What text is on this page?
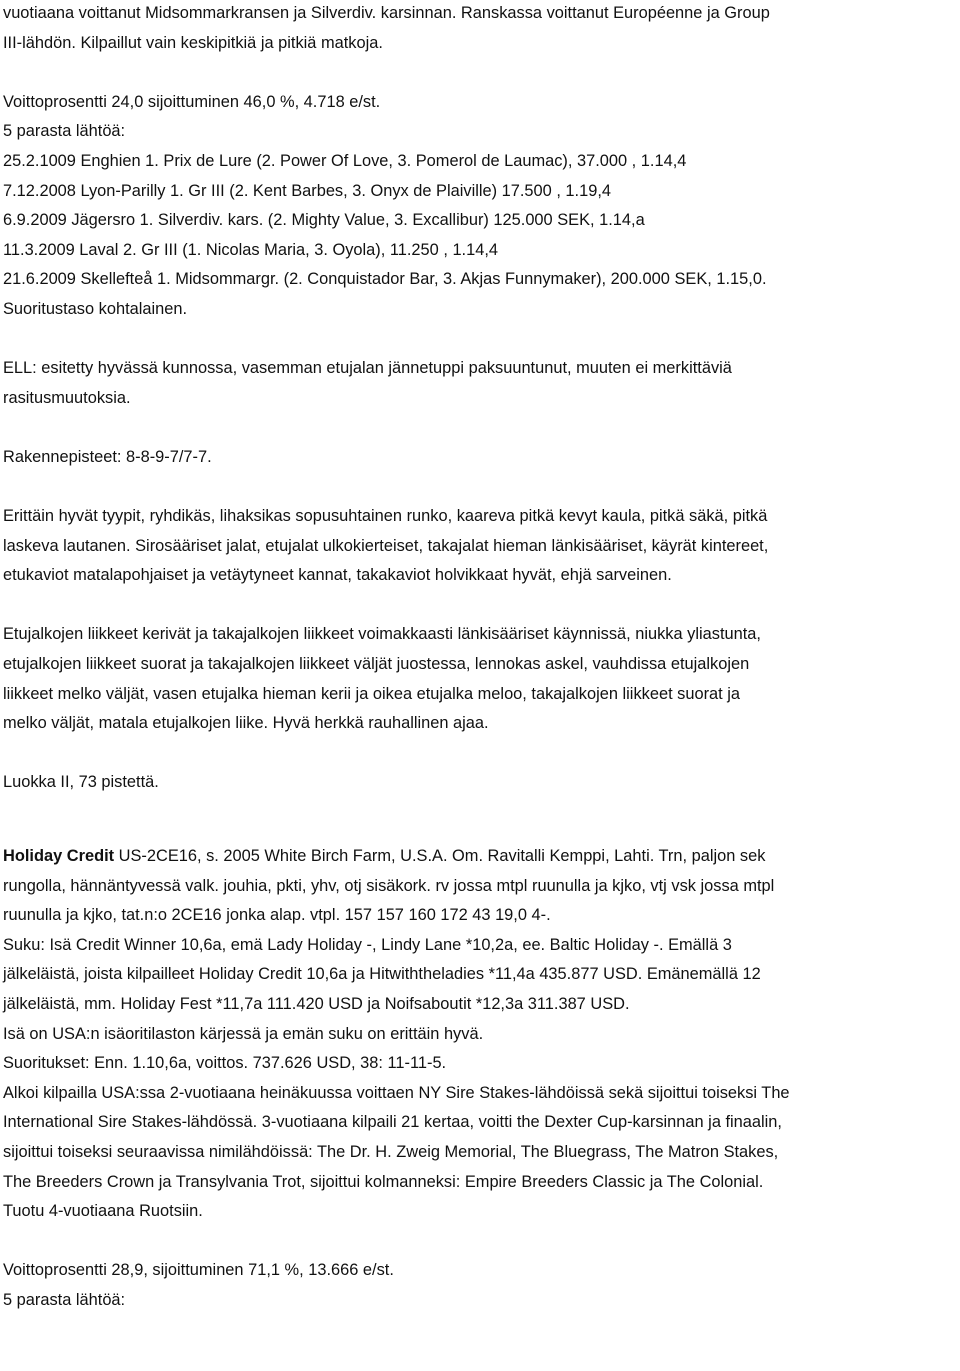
vuotiaana voittanut Midsommarkransen ja Silverdiv. karsinnan. Ranskassa voittanut Européenne ja Group
III-lähdön. Kilpaillut vain keskipitkiä ja pitkiä matkoja.
Voittoprosentti 24,0 sijoittuminen 46,0 %, 4.718 e/st.
5 parasta lähtöä:
25.2.1009 Enghien 1. Prix de Lure (2. Power Of Love, 3. Pomerol de Laumac), 37.000 , 1.14,4
7.12.2008 Lyon-Parilly 1. Gr III (2. Kent Barbes, 3. Onyx de Plaiville) 17.500 , 1.19,4
6.9.2009 Jägersro 1. Silverdiv. kars. (2. Mighty Value, 3. Excallibur) 125.000 SEK, 1.14,a
11.3.2009 Laval 2. Gr III (1. Nicolas Maria, 3. Oyola), 11.250 , 1.14,4
21.6.2009 Skellefteå 1. Midsommargr. (2. Conquistador Bar, 3. Akjas Funnymaker), 200.000 SEK, 1.15,0.
Suoritustaso kohtalainen.
ELL: esitetty hyvässä kunnossa, vasemman etujalan jännetuppi paksuuntunut, muuten ei merkittäviä
rasitusmuutoksia.
Rakennepisteet: 8-8-9-7/7-7.
Erittäin hyvät tyypit, ryhdikäs, lihaksikas sopusuhtainen runko, kaareva pitkä kevyt kaula, pitkä säkä, pitkä
laskeva lautanen. Sirosääriset jalat, etujalat ulkokierteiset, takajalat hieman länkisääriset, käyrät kintereet,
etukaviot matalapohjaiset ja vetäytyneet kannat, takakaviot holvikkaat hyvät, ehjä sarveinen.
Etujalkojen liikkeet kerivät ja takajalkojen liikkeet voimakkaasti länkisääriset käynnissä, niukka yliastunta,
etujalkojen liikkeet suorat ja takajalkojen liikkeet väljät juostessa, lennokas askel, vauhdissa etujalkojen
liikkeet melko väljät, vasen etujalka hieman kerii ja oikea etujalka meloo, takajalkojen liikkeet suorat ja
melko väljät, matala etujalkojen liike. Hyvä herkkä rauhallinen ajaa.
Luokka II, 73 pistettä.
Holiday Credit US-2CE16, s. 2005 White Birch Farm, U.S.A. Om. Ravitalli Kemppi, Lahti. Trn, paljon sek
rungolla, hännäntyvessä valk. jouhia, pkti, yhv, otj sisäkork. rv jossa mtpl ruunulla ja kjko, vtj vsk jossa mtpl
ruunulla ja kjko, tat.n:o 2CE16 jonka alap. vtpl. 157 157 160 172 43 19,0 4-.
Suku: Isä Credit Winner 10,6a, emä Lady Holiday -, Lindy Lane *10,2a, ee. Baltic Holiday -. Emällä 3
jälkeläistä, joista kilpailleet Holiday Credit 10,6a ja Hitwiththeladies *11,4a 435.877 USD. Emänemällä 12
jälkeläistä, mm. Holiday Fest *11,7a 111.420 USD ja Noifsaboutit *12,3a 311.387 USD.
Isä on USA:n isäoritilaston kärjessä ja emän suku on erittäin hyvä.
Suoritukset: Enn. 1.10,6a, voittos. 737.626 USD, 38: 11-11-5.
Alkoi kilpailla USA:ssa 2-vuotiaana heinäkuussa voittaen NY Sire Stakes-lähdöissä sekä sijoittui toiseksi The
International Sire Stakes-lähdössä. 3-vuotiaana kilpaili 21 kertaa, voitti the Dexter Cup-karsinnan ja finaalin,
sijoittui toiseksi seuraavissa nimilähdöissä: The Dr. H. Zweig Memorial, The Bluegrass, The Matron Stakes,
The Breeders Crown ja Transylvania Trot, sijoittui kolmanneksi: Empire Breeders Classic ja The Colonial.
Tuotu 4-vuotiaana Ruotsiin.
Voittoprosentti 28,9, sijoittuminen 71,1 %, 13.666 e/st.
5 parasta lähtöä:
